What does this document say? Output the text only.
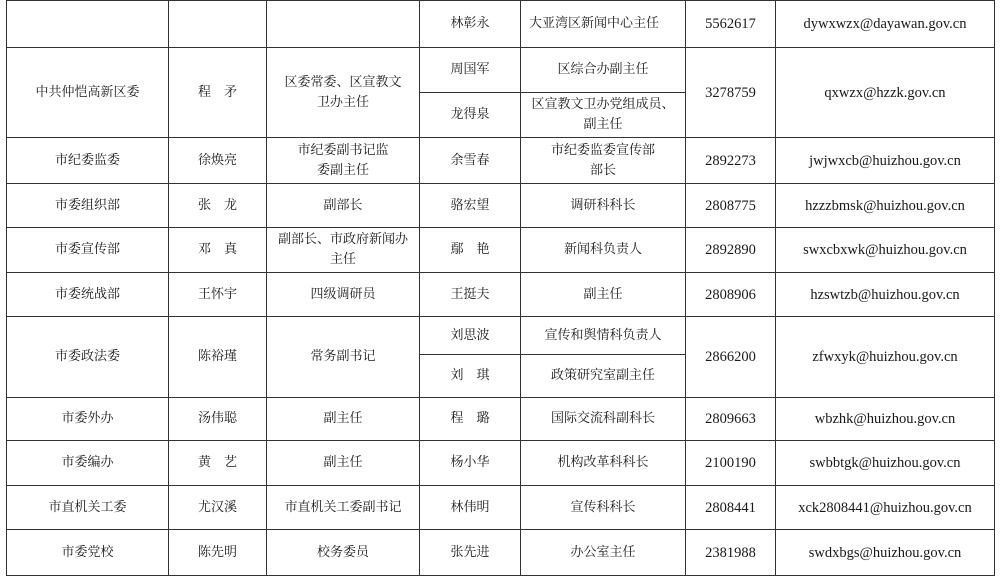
			林彰永	大亚湾区新闻中心主任	5562617	dywxwzx@dayawan.gov.cn
中共仲恺高新区委	程　矛	区委常委、区宣教文卫办主任	周国军	区综合办副主任	3278759	qxwzx@hzzk.gov.cn
			龙得泉	区宣教文卫办党组成员、副主任		
市纪委监委	徐焕亮	市纪委副书记监委副主任	余雪春	市纪委监委宣传部部长	2892273	jwjwxcb@huizhou.gov.cn
市委组织部	张　龙	副部长	骆宏望	调研科科长	2808775	hzzzbmsk@huizhou.gov.cn
市委宣传部	邓　真	副部长、市政府新闻办主任	鄢　艳	新闻科负责人	2892890	swxcbxwk@huizhou.gov.cn
市委统战部	王怀宇	四级调研员	王挺夫	副主任	2808906	hzswtzb@huizhou.gov.cn
市委政法委	陈裕瑾	常务副书记	刘思波	宣传和舆情科负责人	2866200	zfwxyk@huizhou.gov.cn
			刘　琪	政策研究室副主任		
市委外办	汤伟聪	副主任	程　璐	国际交流科副科长	2809663	wbzhk@huizhou.gov.cn
市委编办	黄　艺	副主任	杨小华	机构改革科科长	2100190	swbbtgk@huizhou.gov.cn
市直机关工委	尤汉溪	市直机关工委副书记	林伟明	宣传科科长	2808441	xck2808441@huizhou.gov.cn
市委党校	陈先明	校务委员	张先进	办公室主任	2381988	swdxbgs@huizhou.gov.cn
